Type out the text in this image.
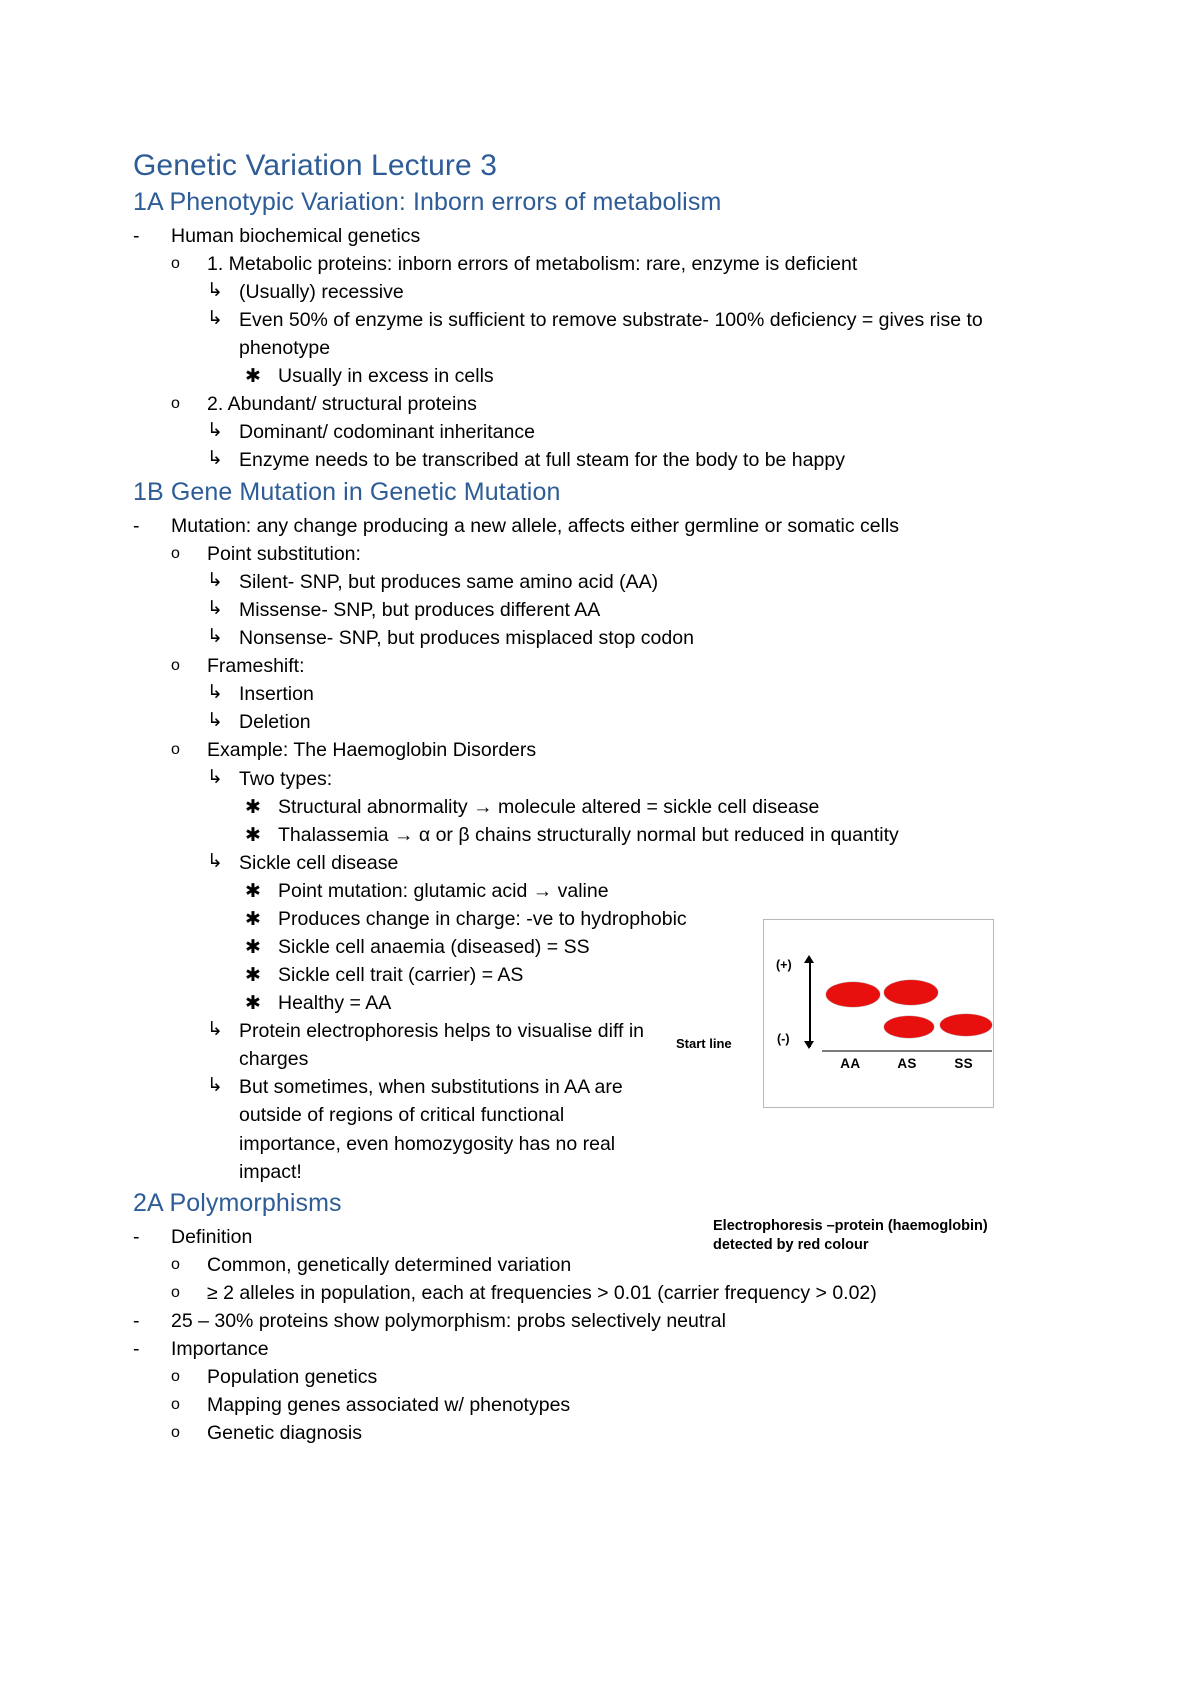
Genetic Variation Lecture 3
1A Phenotypic Variation: Inborn errors of metabolism
- Human biochemical genetics
o 1. Metabolic proteins: inborn errors of metabolism: rare, enzyme is deficient
↳ (Usually) recessive
↳ Even 50% of enzyme is sufficient to remove substrate- 100% deficiency = gives rise to phenotype
✱ Usually in excess in cells
o 2. Abundant/ structural proteins
↳ Dominant/ codominant inheritance
↳ Enzyme needs to be transcribed at full steam for the body to be happy
1B Gene Mutation in Genetic Mutation
- Mutation: any change producing a new allele, affects either germline or somatic cells
o Point substitution:
↳ Silent- SNP, but produces same amino acid (AA)
↳ Missense- SNP, but produces different AA
↳ Nonsense- SNP, but produces misplaced stop codon
o Frameshift:
↳ Insertion
↳ Deletion
o Example: The Haemoglobin Disorders
↳ Two types:
✱ Structural abnormality → molecule altered = sickle cell disease
✱ Thalassemia → α or β chains structurally normal but reduced in quantity
↳ Sickle cell disease
✱ Point mutation: glutamic acid → valine
✱ Produces change in charge: -ve to hydrophobic
✱ Sickle cell anaemia (diseased) = SS
✱ Sickle cell trait (carrier) = AS
✱ Healthy = AA
↳ Protein electrophoresis helps to visualise diff in charges
↳ But sometimes, when substitutions in AA are outside of regions of critical functional importance, even homozygosity has no real impact!
2A Polymorphisms
- Definition
o Common, genetically determined variation
o ≥ 2 alleles in population, each at frequencies > 0.01 (carrier frequency > 0.02)
- 25 – 30% proteins show polymorphism: probs selectively neutral
- Importance
o Population genetics
o Mapping genes associated w/ phenotypes
o Genetic diagnosis
Start line
(+)
(-)
AA	AS	SS
Electrophoresis –protein (haemoglobin)
detected by red colour
